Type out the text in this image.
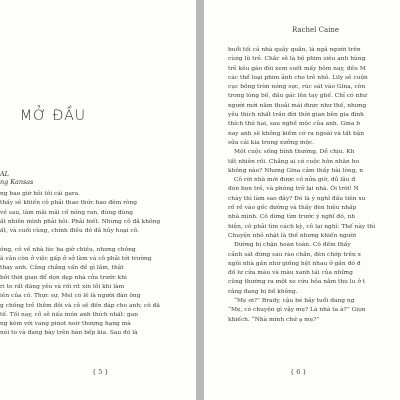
MỞ ĐẦU
AL
ng Kansas

ng bao giờ hỏi tôi cái gara.

thấy sẽ khiến cô phải thao thức bao đêm ròng

về sau, lâm mãi mãi cố nóng ran, đùng đùng

ất nhiên mình phải hôi. Phải biết. Nhưng cô đã không

ất, và cuối cùng, chính điều đó đã hủy hoại cô.

ông, cô về nhà lúc ba giờ chiều, nhưng chồng

ã vẫn còn ở việc gấp ở sở làm và cô phải tới trường

thay anh. Cũng chẳng vấn đề gì lắm, thật

bởi thời gian để dọn dẹp nhà cửa trước khi

ri to rất đáng yêu và rối rít xin lỗi khi làm

iên của cô. Thực sự, Mel có lẽ là người đàn ông

g chồng trễ thêm đôi và cô sẽ đến đáp cho anh; cô đã

tế. Tối nay, cô sẽ nấu món anh thích nhất: gan

ng kèm với vang pinot noir thượng hạng mà

nói to và đang bày trên bàn bếp kia. Sau đó là

{ 5 }
Rachel Caine

buổi tối cả nhà quây quần, là ngả người trên

cùng lũ trẻ. Chắc sẽ là bộ phim siêu anh hùng

trẻ kêu gào đòi xem suốt mấy hôm nay, đều M

các thể loại phim ảnh cho trẻ nhỏ. Lily sẽ cuộn

cục bông tròn nóng sực, rúc sát vào Gina, còn

trong lòng bố, đầu gác lên tay ghế. Chỉ có như

người mới nằm thoải mái được như thế, nhưng

yêu thích nhất trần đời thời gian bên gia đình

thích thú hai, sau nghề mộc của anh. Gina b

nay anh sẽ không kiếm cớ ra ngoài và tất bận

sửa cái kia trong xưởng mộc.

Một cuộc sống bình thường. Dễ chịu. Kh

tất nhiên rồi. Chẳng ai có cuộc hôn nhân ho

không nào? Nhưng Gina cảm thấy hài lòng, n

Cô rời nhà mới được có nửa giờ, đủ lâu đ

đón bọn trẻ, và phóng trở lại nhà. Ôi trời! N

chày thì làm sao đây? Đó là ý nghĩ đầu tiên xu

rồ rề vào gốc đường và thấy đèn hiệu nhấp

nhà mình. Cô dừng tìm trước ý nghĩ đó, nh

hiện, cô phải tìm cách kỳ, cô lại nghĩ: Thế này thì

Chuyện nhỏ nhặt là thế nhưng khiến người

Đường bị chặn hoàn toàn. Cô đếm thấy

cảnh sát đứng sau rào chắn, đèn chớp trên x

ngôi nhà gần như giống hệt nhau ở gần đó đ

đồ lư cửa màu và màu xanh tái của những

cũng thường ra một xe cứu hỏa nằm thu lu ở t

rằng đang bị bố không.

“Mẹ ơi?” Brady, cậu bé bảy tuổi đang ng

“Mẹ, có chuyện gì vậy mẹ? Là nhà ta à?” Giọn

khiếch. “Nhà mình chứ ạ mẹ?”

{ 6 }
